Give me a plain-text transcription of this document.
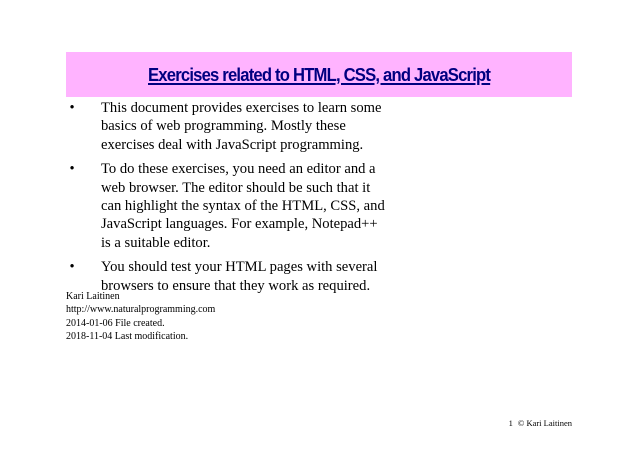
Exercises related to HTML, CSS, and JavaScript
• This document provides exercises to learn some basics of web programming. Mostly these exercises deal with JavaScript programming.
• To do these exercises, you need an editor and a web browser. The editor should be such that it can highlight the syntax of the HTML, CSS, and JavaScript languages. For example, Notepad++ is a suitable editor.
• You should test your HTML pages with several browsers to ensure that they work as required.
Kari Laitinen
http://www.naturalprogramming.com
2014-01-06 File created.
2018-11-04 Last modification.
1 © Kari Laitinen
